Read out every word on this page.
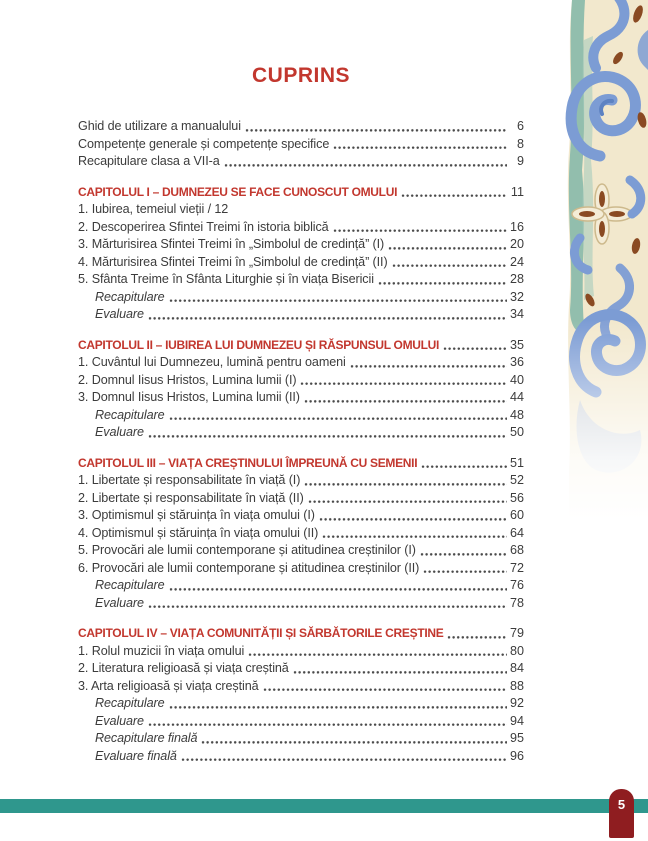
CUPRINS
Ghid de utilizare a manualului	6
Competențe generale și competențe specifice	8
Recapitulare clasa a VII-a	9
CAPITOLUL I – DUMNEZEU SE FACE CUNOSCUT OMULUI	11
1. Iubirea, temeiul vieții / 12
2. Descoperirea Sfintei Treimi în istoria biblică	16
3. Mărturisirea Sfintei Treimi în „Simbolul de credință” (I)	20
4. Mărturisirea Sfintei Treimi în „Simbolul de credință” (II)	24
5. Sfânta Treime în Sfânta Liturghie și în viața Bisericii	28
Recapitulare	32
Evaluare	34
CAPITOLUL II – IUBIREA LUI DUMNEZEU ȘI RĂSPUNSUL OMULUI	35
1. Cuvântul lui Dumnezeu, lumină pentru oameni	36
2. Domnul Iisus Hristos, Lumina lumii (I)	40
3. Domnul Iisus Hristos, Lumina lumii (II)	44
Recapitulare	48
Evaluare	50
CAPITOLUL III – VIAȚA CREȘTINULUI ÎMPREUNĂ CU SEMENII	51
1. Libertate și responsabilitate în viață (I)	52
2. Libertate și responsabilitate în viață (II)	56
3. Optimismul și stăruința în viața omului (I)	60
4. Optimismul și stăruința în viața omului (II)	64
5. Provocări ale lumii contemporane și atitudinea creștinilor (I)	68
6. Provocări ale lumii contemporane și atitudinea creștinilor (II)	72
Recapitulare	76
Evaluare	78
CAPITOLUL IV – VIAȚA COMUNITĂȚII ȘI SĂRBĂTORILE CREȘTINE	79
1. Rolul muzicii în viața omului	80
2. Literatura religioasă și viața creștină	84
3. Arta religioasă și viața creștină	88
Recapitulare	92
Evaluare	94
Recapitulare finală	95
Evaluare finală	96
5
